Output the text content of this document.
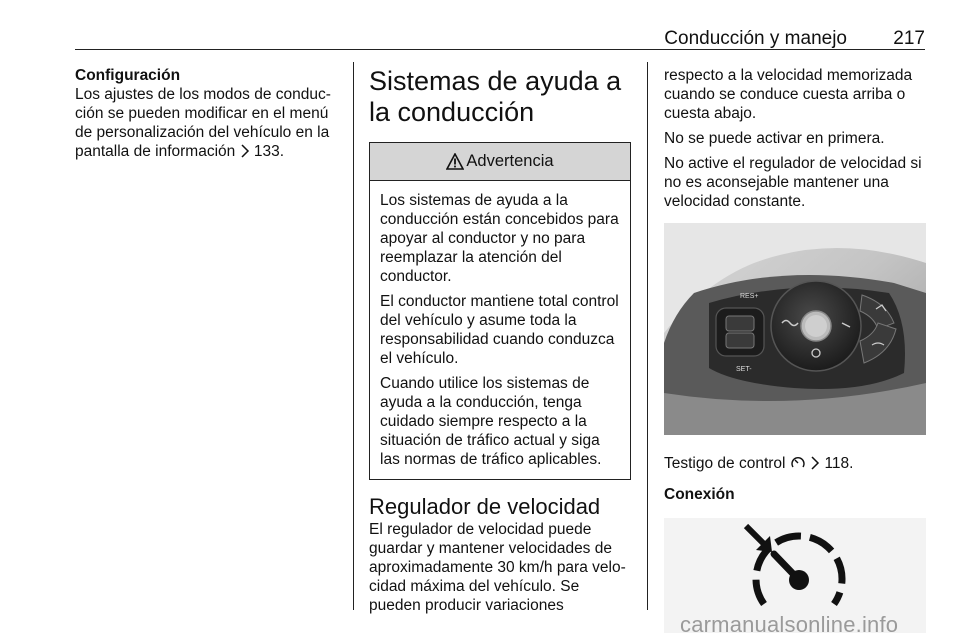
Conducción y manejo 217
Configuración
Los ajustes de los modos de conduc-ción se pueden modificar en el menú de personalización del vehículo en la pantalla de información 133.
Sistemas de ayuda a la conducción
Advertencia
Los sistemas de ayuda a la conducción están concebidos para apoyar al conductor y no para reemplazar la atención del conductor.
El conductor mantiene total control del vehículo y asume toda la responsabilidad cuando conduzca el vehículo.
Cuando utilice los sistemas de ayuda a la conducción, tenga cuidado siempre respecto a la situación de tráfico actual y siga las normas de tráfico aplicables.
Regulador de velocidad
El regulador de velocidad puede guardar y mantener velocidades de aproximadamente 30 km/h para velo-cidad máxima del vehículo. Se pueden producir variaciones
respecto a la velocidad memorizada cuando se conduce cuesta arriba o cuesta abajo.
No se puede activar en primera.
No active el regulador de velocidad si no es aconsejable mantener una velocidad constante.
RES+
SET-
Testigo de control	118.
Conexión
carmanualsonline.info
